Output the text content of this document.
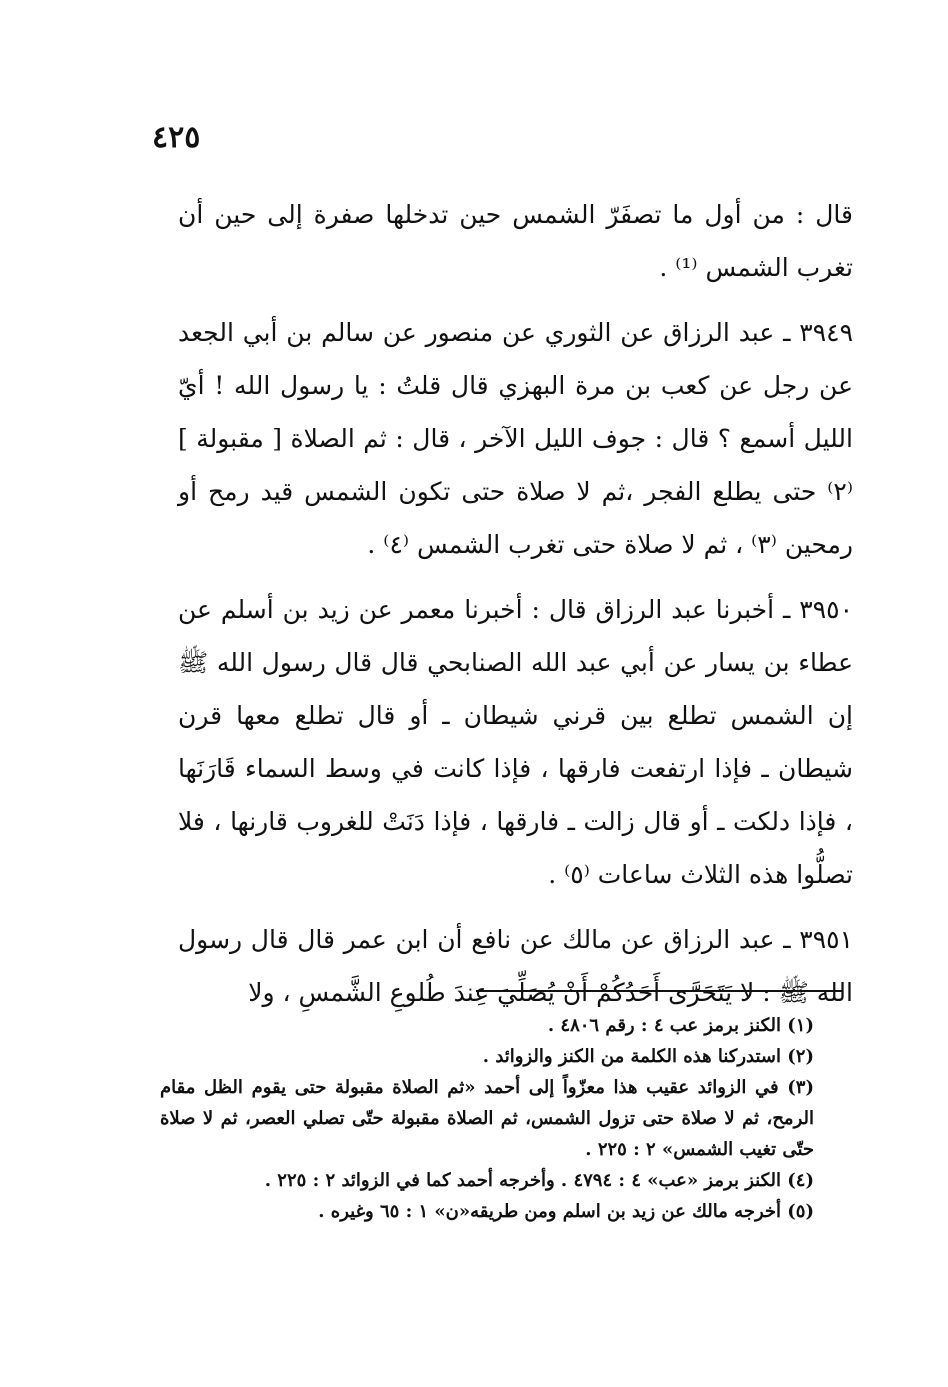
٤٢٥

قال : من أول ما تصفَرّ الشمس حين تدخلها صفرة إلى حين أن تغرب الشمس ⁽¹⁾ .

٣٩٤٩ ـ عبد الرزاق عن الثوري عن منصور عن سالم بن أبي الجعد عن رجل عن كعب بن مرة البهزي قال قلتُ : يا رسول الله ! أيّ الليل أسمع ؟ قال : جوف الليل الآخر ، قال : ثم الصلاة [ مقبولة ] ⁽٢⁾ حتى يطلع الفجر ،ثم لا صلاة حتى تكون الشمس قيد رمح أو رمحين ⁽٣⁾ ، ثم لا صلاة حتى تغرب الشمس ⁽٤⁾ .

٣٩٥٠ ـ أخبرنا عبد الرزاق قال : أخبرنا معمر عن زيد بن أسلم عن عطاء بن يسار عن أبي عبد الله الصنابحي قال قال رسول الله ﷺ إن الشمس تطلع بين قرني شيطان ـ أو قال تطلع معها قرن شيطان ـ فإذا ارتفعت فارقها ، فإذا كانت في وسط السماء قَارَنَها ، فإذا دلكت ـ أو قال زالت ـ فارقها ، فإذا دَنَتْ للغروب قارنها ، فلا تصلُّوا هذه الثلاث ساعات ⁽٥⁾ .

٣٩٥١ ـ عبد الرزاق عن مالك عن نافع أن ابن عمر قال قال رسول الله ﷺ : لا يَتَحَرَّى أَحَدُكُمْ أَنْ يُصَلِّيَ عِندَ طُلوعِ الشَّمسِ ، ولا

(١) الكنز برمز عب ٤ : رقم ٤٨٠٦ .

(٢) استدركنا هذه الكلمة من الكنز والزوائد .

(٣) في الزوائد عقيب هذا معزّواً إلى أحمد «ثم الصلاة مقبولة حتى يقوم الظل مقام الرمح، ثم لا صلاة حتى تزول الشمس، ثم الصلاة مقبولة حتّى تصلي العصر، ثم لا صلاة حتّى تغيب الشمس» ٢ : ٢٢٥ .

(٤) الكنز برمز «عب» ٤ : ٤٧٩٤ . وأخرجه أحمد كما في الزوائد ٢ : ٢٢٥ .

(٥) أخرجه مالك عن زيد بن اسلم ومن طريقه«ن» ١ : ٦٥ وغيره .
